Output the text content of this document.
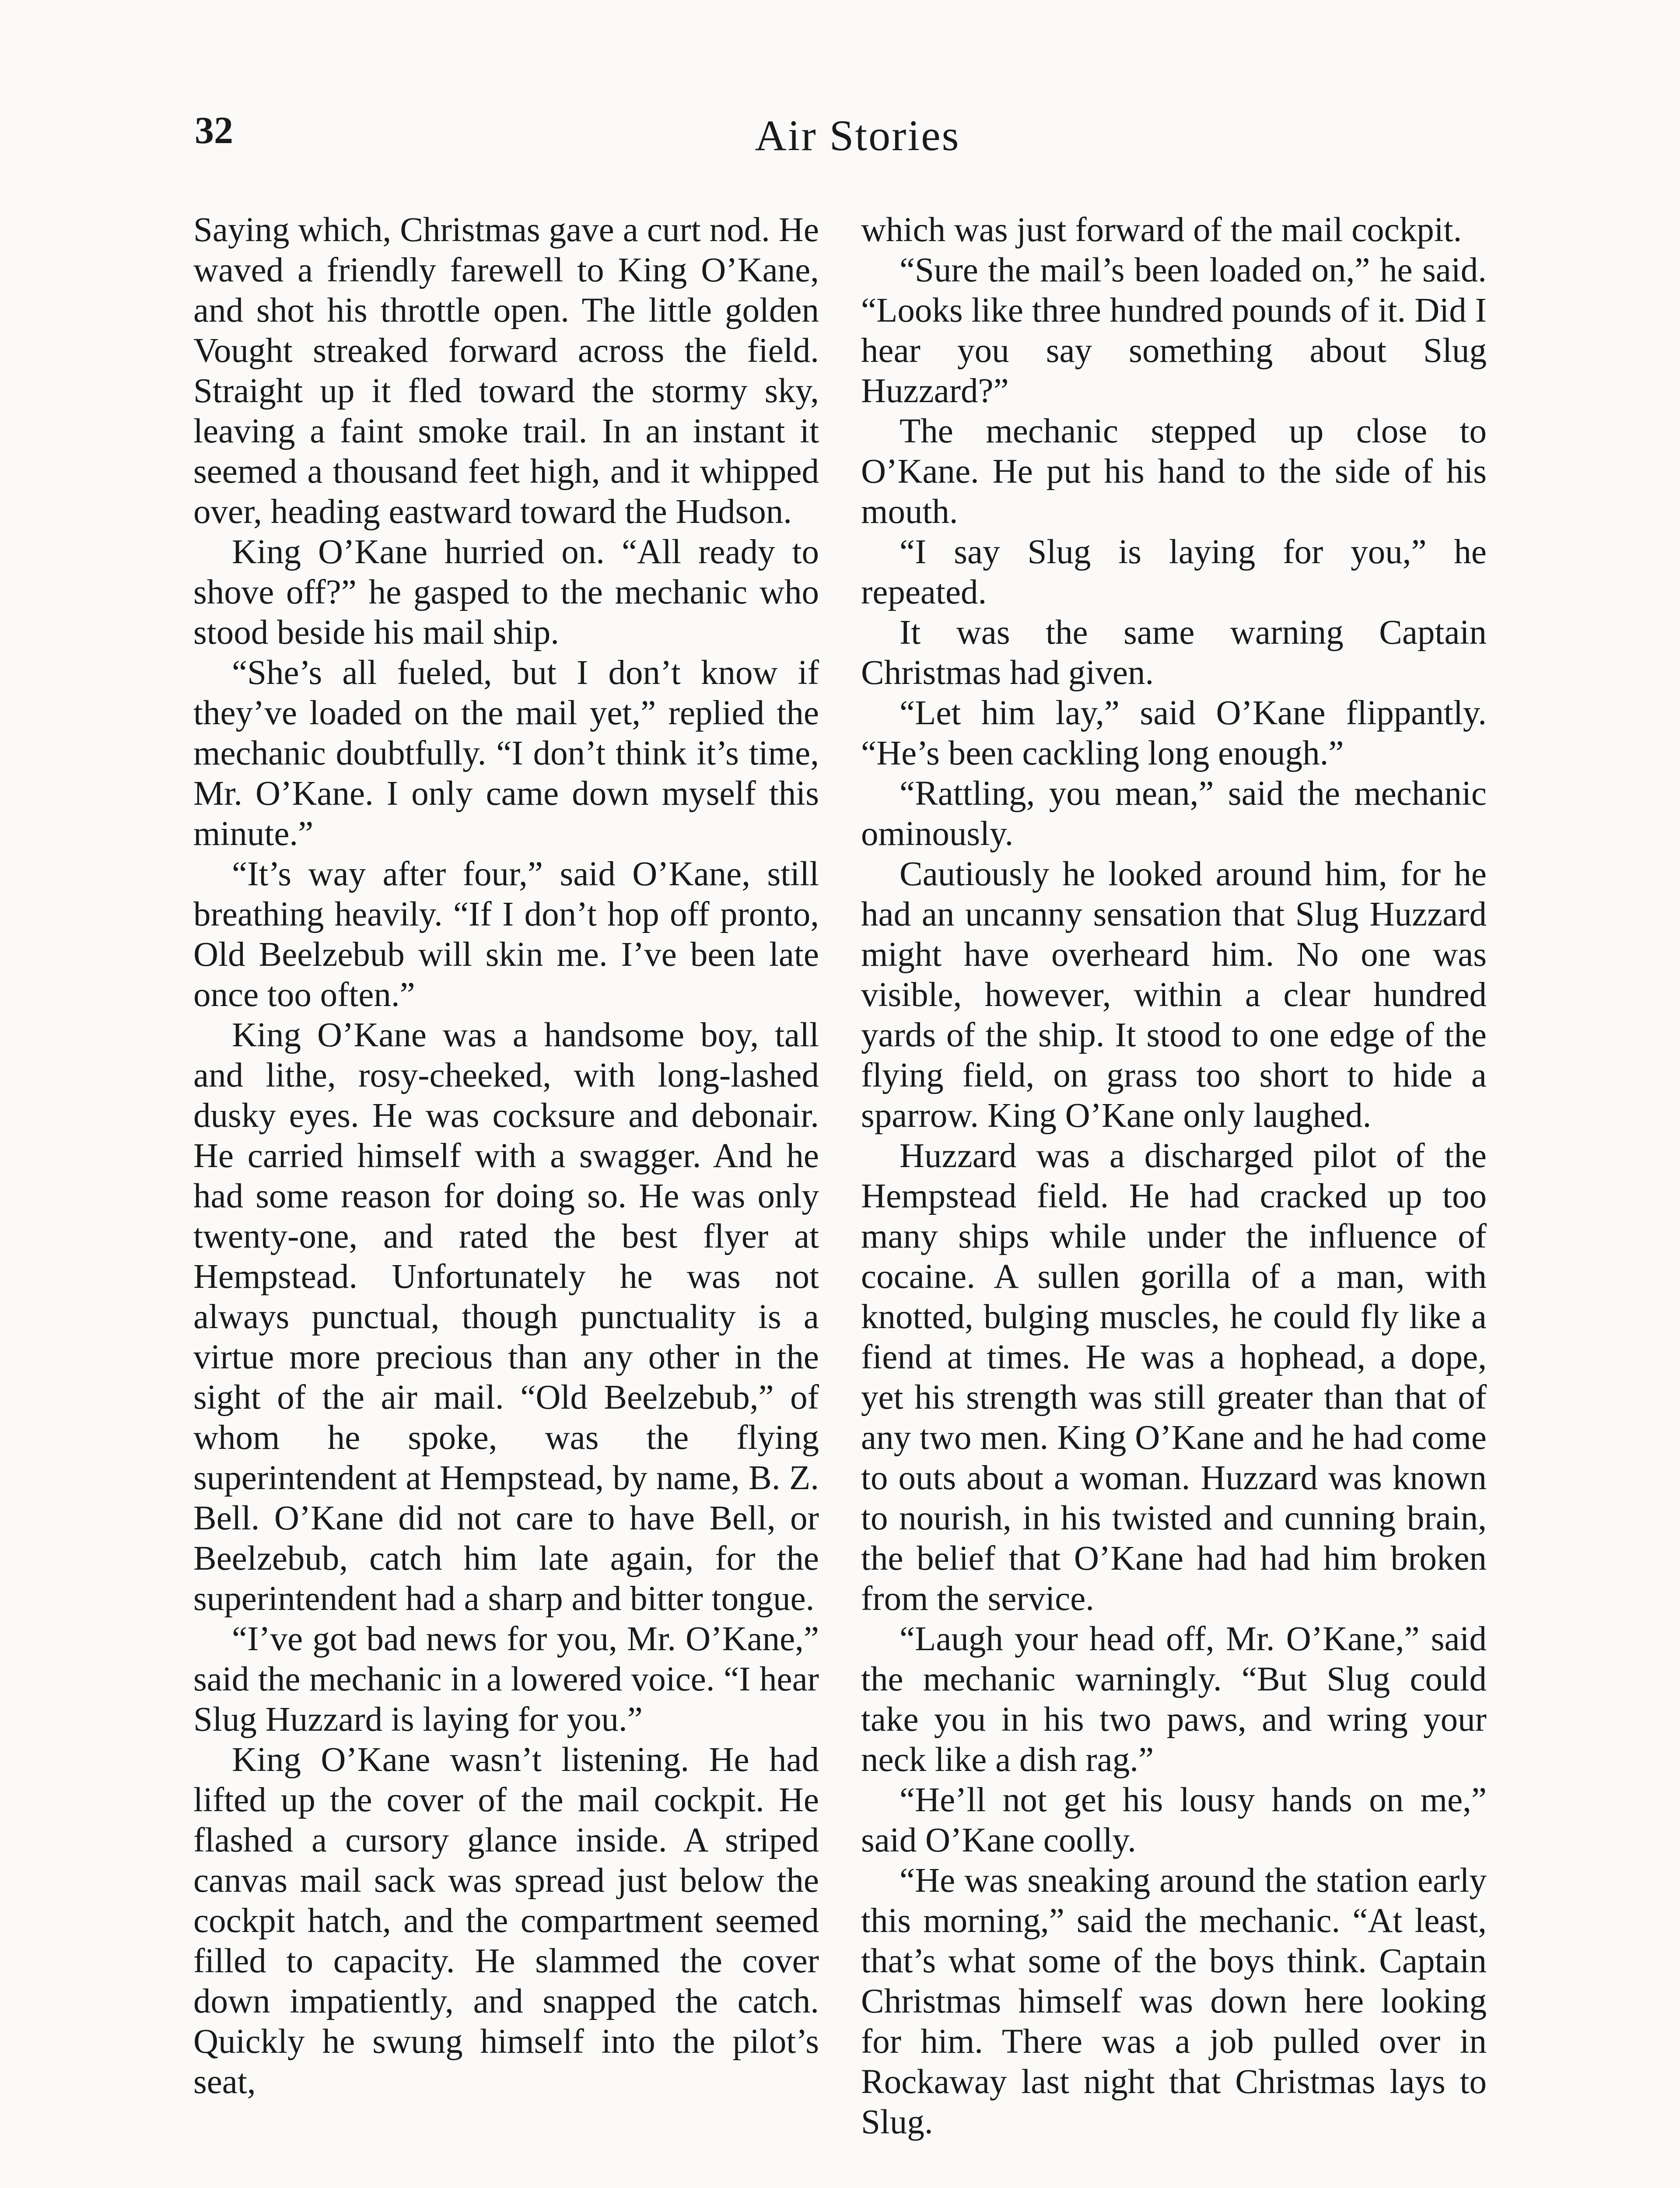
32	Air Stories

Saying which, Christmas gave a curt nod. He waved a friendly farewell to King O’Kane, and shot his throttle open. The little golden Vought streaked forward across the field. Straight up it fled toward the stormy sky, leaving a faint smoke trail. In an instant it seemed a thousand feet high, and it whipped over, heading eastward toward the Hudson.

King O’Kane hurried on. “All ready to shove off?” he gasped to the mechanic who stood beside his mail ship.

“She’s all fueled, but I don’t know if they’ve loaded on the mail yet,” replied the mechanic doubtfully. “I don’t think it’s time, Mr. O’Kane. I only came down myself this minute.”

“It’s way after four,” said O’Kane, still breathing heavily. “If I don’t hop off pronto, Old Beelzebub will skin me. I’ve been late once too often.”

King O’Kane was a handsome boy, tall and lithe, rosy-cheeked, with long-lashed dusky eyes. He was cocksure and debonair. He carried himself with a swagger. And he had some reason for doing so. He was only twenty-one, and rated the best flyer at Hempstead. Unfortunately he was not always punctual, though punctuality is a virtue more precious than any other in the sight of the air mail. “Old Beelzebub,” of whom he spoke, was the flying superintendent at Hempstead, by name, B. Z. Bell. O’Kane did not care to have Bell, or Beelzebub, catch him late again, for the superintendent had a sharp and bitter tongue.

“I’ve got bad news for you, Mr. O’Kane,” said the mechanic in a lowered voice. “I hear Slug Huzzard is laying for you.”

King O’Kane wasn’t listening. He had lifted up the cover of the mail cockpit. He flashed a cursory glance inside. A striped canvas mail sack was spread just below the cockpit hatch, and the compartment seemed filled to capacity. He slammed the cover down impatiently, and snapped the catch. Quickly he swung himself into the pilot’s seat,

which was just forward of the mail cockpit.

“Sure the mail’s been loaded on,” he said. “Looks like three hundred pounds of it. Did I hear you say something about Slug Huzzard?”

The mechanic stepped up close to O’Kane. He put his hand to the side of his mouth.

“I say Slug is laying for you,” he repeated.

It was the same warning Captain Christmas had given.

“Let him lay,” said O’Kane flippantly. “He’s been cackling long enough.”

“Rattling, you mean,” said the mechanic ominously.

Cautiously he looked around him, for he had an uncanny sensation that Slug Huzzard might have overheard him. No one was visible, however, within a clear hundred yards of the ship. It stood to one edge of the flying field, on grass too short to hide a sparrow. King O’Kane only laughed.

Huzzard was a discharged pilot of the Hempstead field. He had cracked up too many ships while under the influence of cocaine. A sullen gorilla of a man, with knotted, bulging muscles, he could fly like a fiend at times. He was a hophead, a dope, yet his strength was still greater than that of any two men. King O’Kane and he had come to outs about a woman. Huzzard was known to nourish, in his twisted and cunning brain, the belief that O’Kane had had him broken from the service.

“Laugh your head off, Mr. O’Kane,” said the mechanic warningly. “But Slug could take you in his two paws, and wring your neck like a dish rag.”

“He’ll not get his lousy hands on me,” said O’Kane coolly.

“He was sneaking around the station early this morning,” said the mechanic. “At least, that’s what some of the boys think. Captain Christmas himself was down here looking for him. There was a job pulled over in Rockaway last night that Christmas lays to Slug.
